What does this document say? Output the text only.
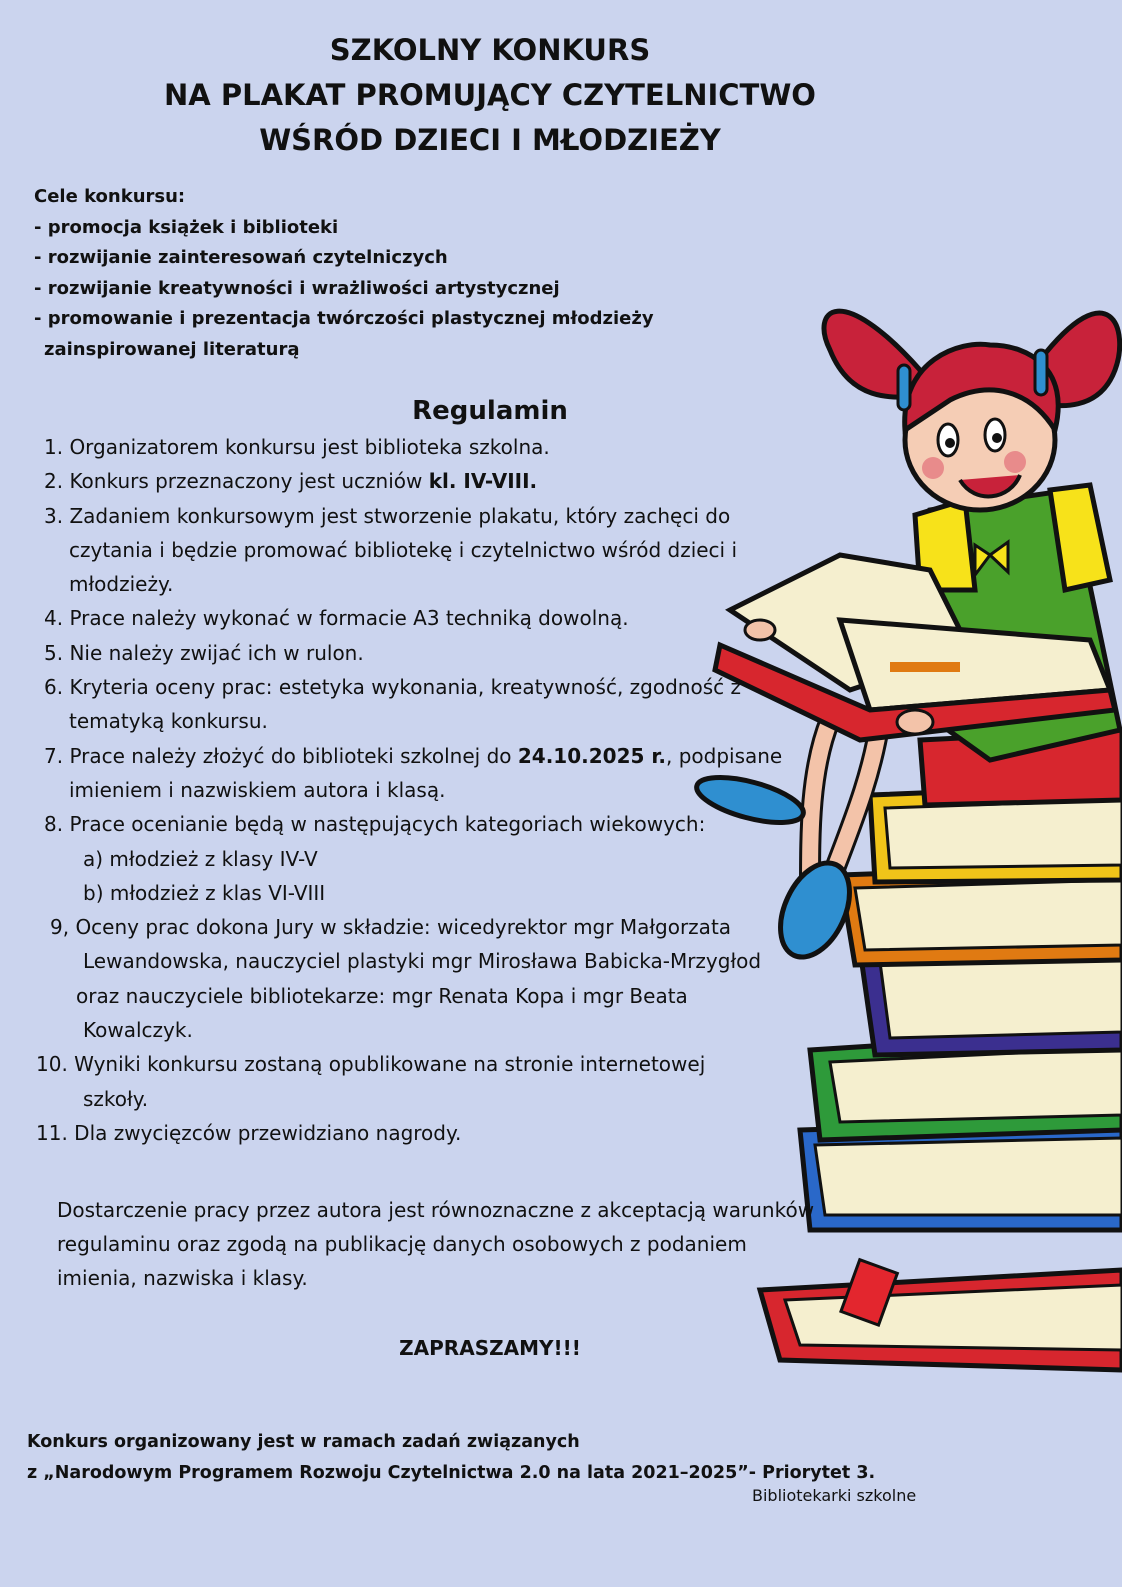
SZKOLNY KONKURS
NA PLAKAT PROMUJĄCY CZYTELNICTWO
WŚRÓD DZIECI I MŁODZIEŻY
Cele konkursu:
- promocja książek i biblioteki
- rozwijanie zainteresowań czytelniczych
- rozwijanie kreatywności i wrażliwości artystycznej
- promowanie i prezentacja twórczości plastycznej młodzieży
zainspirowanej literaturą
Regulamin
1. Organizatorem konkursu jest biblioteka szkolna.
2. Konkurs przeznaczony jest uczniów kl. IV-VIII.
3. Zadaniem konkursowym jest stworzenie plakatu, który zachęci do
czytania i będzie promować bibliotekę i czytelnictwo wśród dzieci i
młodzieży.
4. Prace należy wykonać w formacie A3 techniką dowolną.
5. Nie należy zwijać ich w rulon.
6. Kryteria oceny prac: estetyka wykonania, kreatywność, zgodność z
tematyką konkursu.
7. Prace należy złożyć do biblioteki szkolnej do 24.10.2025 r., podpisane
imieniem i nazwiskiem autora i klasą.
8. Prace ocenianie będą w następujących kategoriach wiekowych:
a) młodzież z klasy IV-V
b) młodzież z klas VI-VIII
9, Oceny prac dokona Jury w składzie: wicedyrektor mgr Małgorzata
Lewandowska, nauczyciel plastyki mgr Mirosława Babicka-Mrzygłod
oraz nauczyciele bibliotekarze: mgr Renata Kopa i mgr Beata
Kowalczyk.
10. Wyniki konkursu zostaną opublikowane na stronie internetowej
szkoły.
11. Dla zwycięzców przewidziano nagrody.
Dostarczenie pracy przez autora jest równoznaczne z akceptacją warunków
regulaminu oraz zgodą na publikację danych osobowych z podaniem
imienia, nazwiska i klasy.
ZAPRASZAMY!!!
Konkurs organizowany jest w ramach zadań związanych
z „Narodowym Programem Rozwoju Czytelnictwa 2.0 na lata 2021–2025”- Priorytet 3.
Bibliotekarki szkolne
